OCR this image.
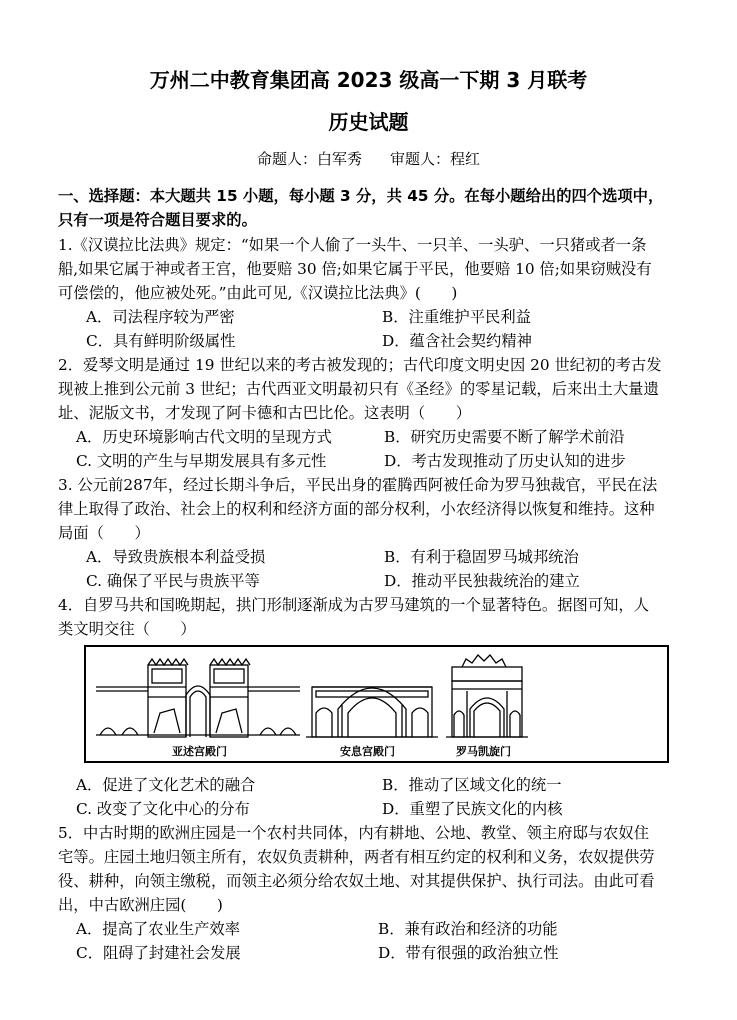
万州二中教育集团高 2023 级高一下期 3 月联考
历史试题
命题人：白军秀 审题人：程红
一、选择题：本大题共 15 小题，每小题 3 分，共 45 分。在每小题给出的四个选项中，
只有一项是符合题目要求的。
1.《汉谟拉比法典》规定：“如果一个人偷了一头牛、一只羊、一头驴、一只猪或者一条
船,如果它属于神或者王宫，他要赔 30 倍;如果它属于平民，他要赔 10 倍;如果窃贼没有
可偿偿的，他应被处死。”由此可见,《汉谟拉比法典》(　　)
A．司法程序较为严密	B．注重维护平民利益
C．具有鲜明阶级属性	D．蕴含社会契约精神
2．爱琴文明是通过 19 世纪以来的考古被发现的；古代印度文明史因 20 世纪初的考古发
现被上推到公元前 3 世纪；古代西亚文明最初只有《圣经》的零星记载，后来出土大量遗
址、泥版文书，才发现了阿卡德和古巴比伦。这表明（　　）
A．历史环境影响古代文明的呈现方式	B．研究历史需要不断了解学术前沿
C. 文明的产生与早期发展具有多元性	D．考古发现推动了历史认知的进步
3. 公元前287年，经过长期斗争后，平民出身的霍腾西阿被任命为罗马独裁官，平民在法
律上取得了政治、社会上的权利和经济方面的部分权利，小农经济得以恢复和维持。这种
局面（　　）
A．导致贵族根本利益受损	B．有利于稳固罗马城邦统治
C. 确保了平民与贵族平等	D．推动平民独裁统治的建立
4．自罗马共和国晚期起，拱门形制逐渐成为古罗马建筑的一个显著特色。据图可知，人
类文明交往（　　）
亚述宫殿门	安息宫殿门	罗马凯旋门
A．促进了文化艺术的融合	B．推动了区域文化的统一
C. 改变了文化中心的分布	D．重塑了民族文化的内核
5．中古时期的欧洲庄园是一个农村共同体，内有耕地、公地、教堂、领主府邸与农奴住
宅等。庄园土地归领主所有，农奴负责耕种，两者有相互约定的权利和义务，农奴提供劳
役、耕种，向领主缴税，而领主必须分给农奴土地、对其提供保护、执行司法。由此可看
出，中古欧洲庄园(　　)
A．提高了农业生产效率	B．兼有政治和经济的功能
C．阻碍了封建社会发展	D．带有很强的政治独立性
